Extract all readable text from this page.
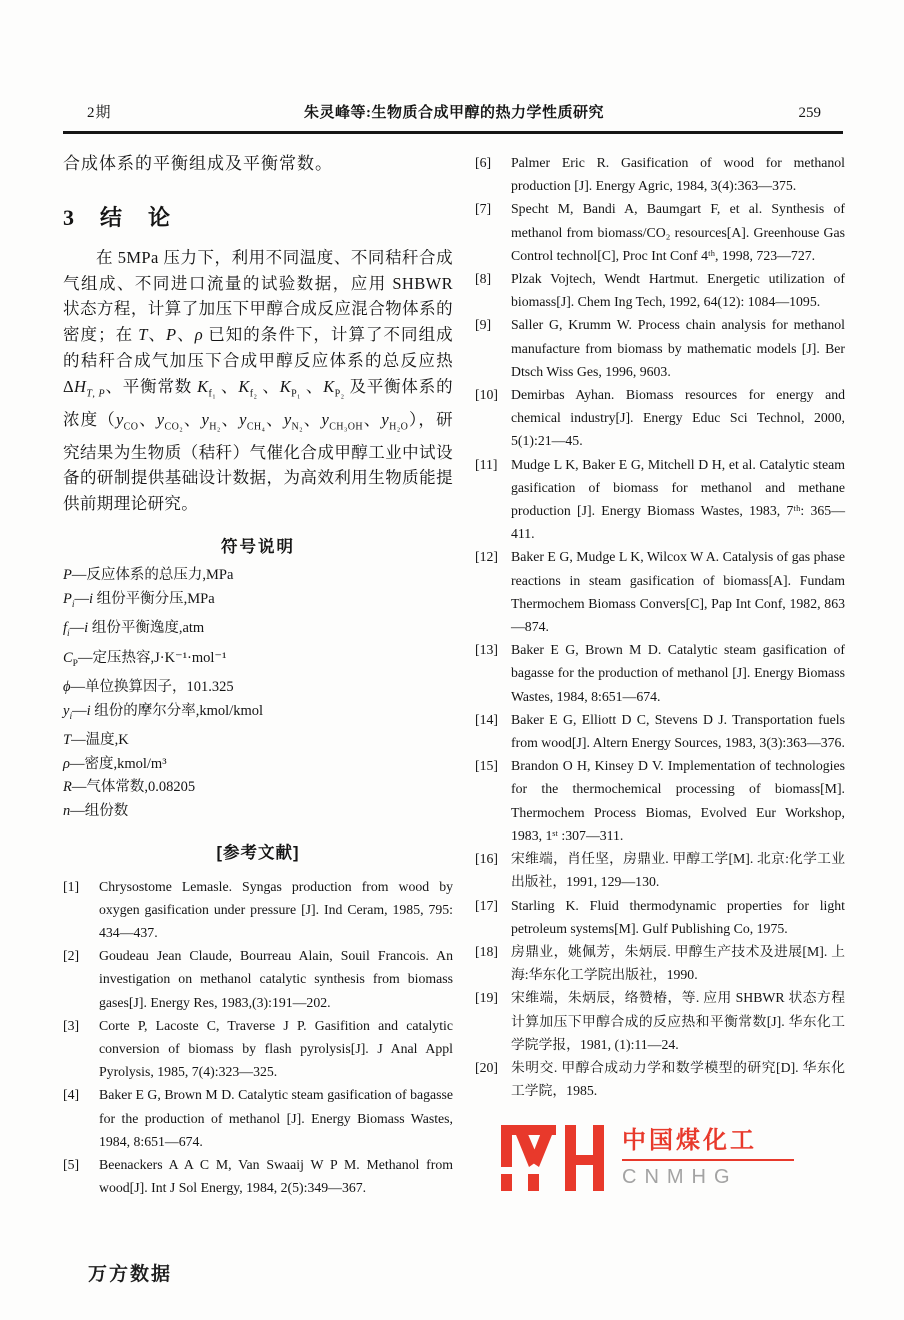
2期	朱灵峰等:生物质合成甲醇的热力学性质研究	259
合成体系的平衡组成及平衡常数。
3 结　论

在 5MPa 压力下，利用不同温度、不同秸秆合成气组成、不同进口流量的试验数据，应用 SHBWR 状态方程，计算了加压下甲醇合成反应混合物体系的密度；在 T、P、ρ 已知的条件下，计算了不同组成的秸秆合成气加压下合成甲醇反应体系的总反应热 $\Delta H_{T, P}$、平衡常数 $K_{f_1}$ 、$K_{f_2}$ 、$K_{P_1}$ 、$K_{P_2}$ 及平衡体系的浓度（$y_{CO}$、$y_{CO_2}$、$y_{H_2}$、$y_{CH_4}$、$y_{N_2}$、$y_{CH_3OH}$、$y_{H_2O}$），研究结果为生物质（秸秆）气催化合成甲醇工业中试设备的研制提供基础设计数据，为高效利用生物质能提供前期理论研究。

符号说明
P—反应体系的总压力,MPa
$P_i—i$ 组份平衡分压,MPa
$f_i—i$ 组份平衡逸度,atm
$C_P—$定压热容,J·K⁻¹·mol⁻¹
ϕ—单位换算因子，101.325
$y_i—i$ 组份的摩尔分率,kmol/kmol
T—温度,K
ρ—密度,kmol/m³
R—气体常数,0.08205
n—组份数
[参考文献]
[1]	Chrysostome Lemasle. Syngas production from wood by oxygen gasification under pressure [J]. Ind Ceram, 1985, 795: 434—437.
[2]	Goudeau Jean Claude, Bourreau Alain, Souil Francois. An investigation on methanol catalytic synthesis from biomass gases[J]. Energy Res, 1983,(3):191—202.
[3]	Corte P, Lacoste C, Traverse J P. Gasifition and catalytic conversion of biomass by flash pyrolysis[J]. J Anal Appl Pyrolysis, 1985, 7(4):323—325.
[4]	Baker E G, Brown M D. Catalytic steam gasification of bagasse for the production of methanol [J]. Energy Biomass Wastes, 1984, 8:651—674.
[5]	Beenackers A A C M, Van Swaaij W P M. Methanol from wood[J]. Int J Sol Energy, 1984, 2(5):349—367.
[6]	Palmer Eric R. Gasification of wood for methanol production [J]. Energy Agric, 1984, 3(4):363—375.
[7]	Specht M, Bandi A, Baumgart F, et al. Synthesis of methanol from biomass/CO₂ resources[A]. Greenhouse Gas Control technol[C], Proc Int Conf 4ᵗʰ, 1998, 723—727.
[8]	Plzak Vojtech, Wendt Hartmut. Energetic utilization of biomass[J]. Chem Ing Tech, 1992, 64(12): 1084—1095.
[9]	Saller G, Krumm W. Process chain analysis for methanol manufacture from biomass by mathematic models [J]. Ber Dtsch Wiss Ges, 1996, 9603.
[10] Demirbas Ayhan. Biomass resources for energy and chemical industry[J]. Energy Educ Sci Technol, 2000, 5(1):21—45.
[11] Mudge L K, Baker E G, Mitchell D H, et al. Catalytic steam gasification of biomass for methanol and methane production [J]. Energy Biomass Wastes, 1983, 7ᵗʰ: 365—411.
[12] Baker E G, Mudge L K, Wilcox W A. Catalysis of gas phase reactions in steam gasification of biomass[A]. Fundam Thermochem Biomass Convers[C], Pap Int Conf, 1982, 863—874.
[13] Baker E G, Brown M D. Catalytic steam gasification of bagasse for the production of methanol [J]. Energy Biomass Wastes, 1984, 8:651—674.
[14] Baker E G, Elliott D C, Stevens D J. Transportation fuels from wood[J]. Altern Energy Sources, 1983, 3(3):363—376.
[15] Brandon O H, Kinsey D V. Implementation of technologies for the thermochemical processing of biomass[M]. Thermochem Process Biomas, Evolved Eur Workshop, 1983, 1ˢᵗ :307—311.
[16] 宋维端，肖任坚，房鼎业. 甲醇工学[M]. 北京:化学工业出版社，1991, 129—130.
[17] Starling K. Fluid thermodynamic properties for light petroleum systems[M]. Gulf Publishing Co, 1975.
[18] 房鼎业，姚佩芳，朱炳辰. 甲醇生产技术及进展[M]. 上海:华东化工学院出版社，1990.
[19] 宋维端，朱炳辰，络赞椿，等. 应用 SHBWR 状态方程计算加压下甲醇合成的反应热和平衡常数[J]. 华东化工学院学报，1981, (1):11—24.
[20] 朱明交. 甲醇合成动力学和数学模型的研究[D]. 华东化工学院，1985.
中国煤化工
CNMHG
万方数据
